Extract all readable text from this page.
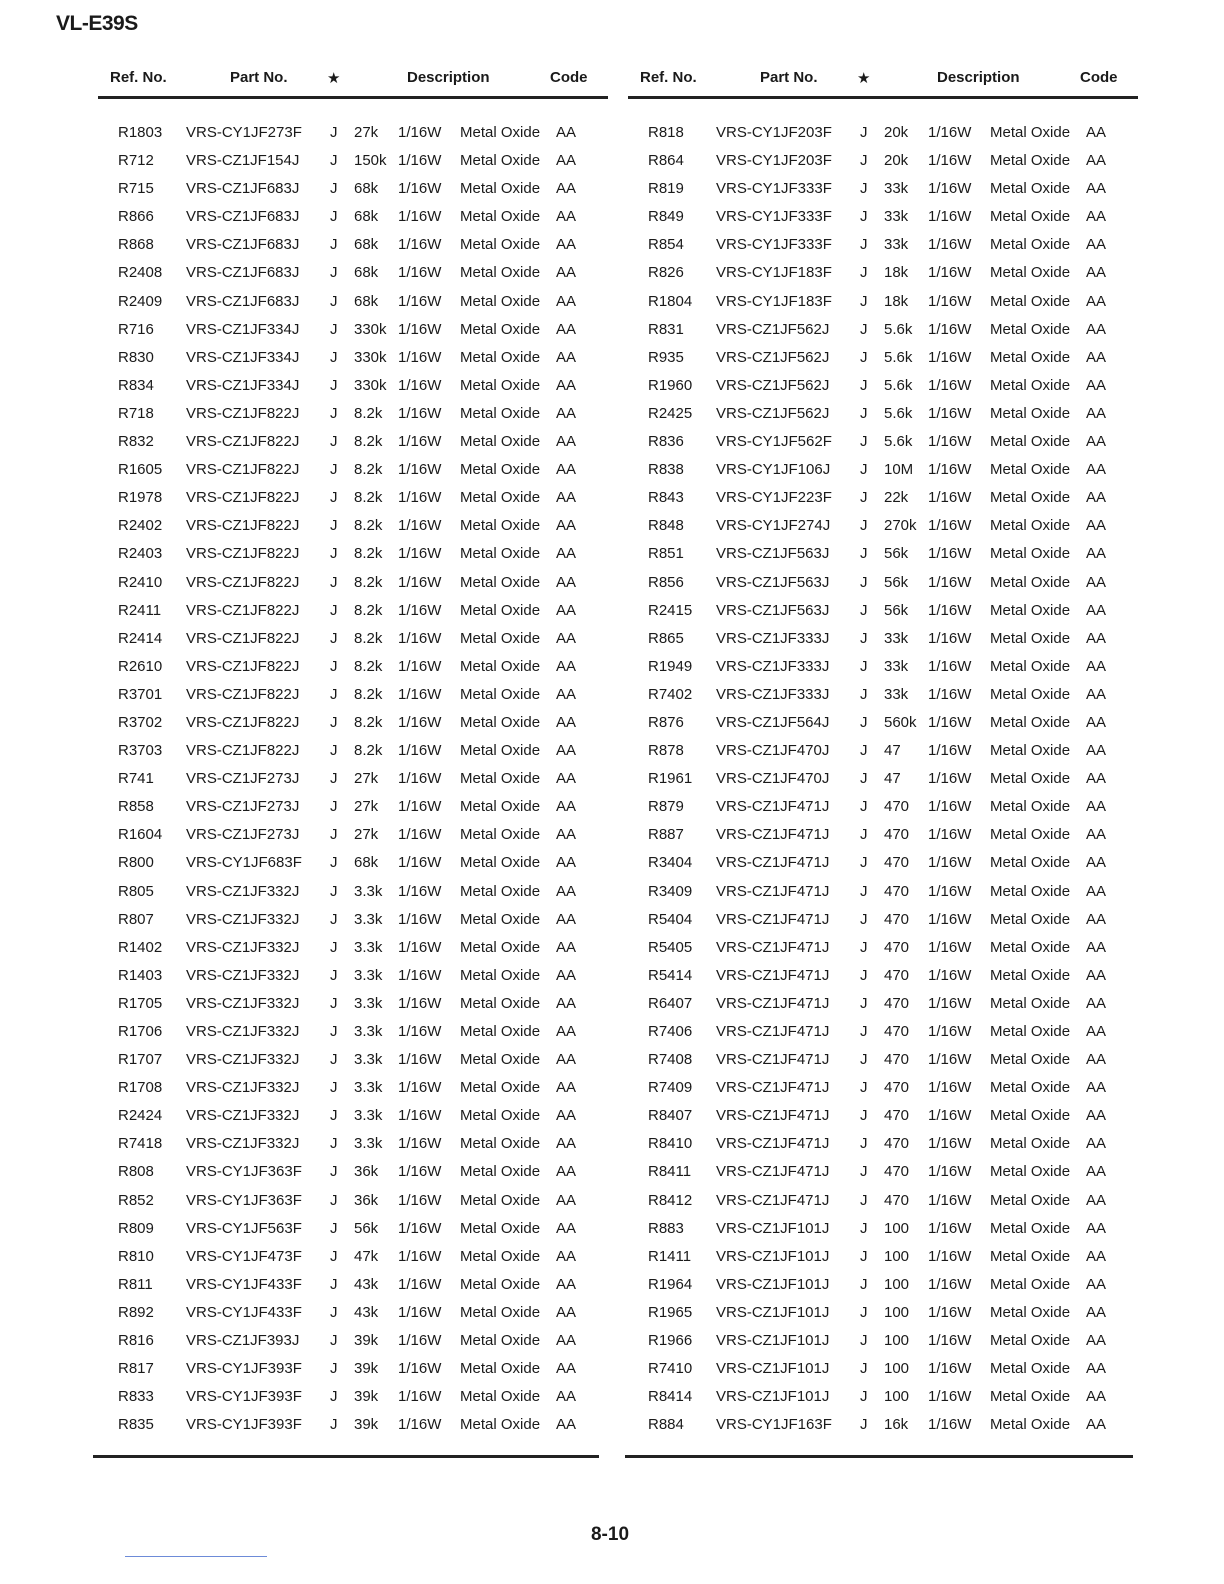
VL-E39S
Ref. No.	Part No.	★	Description	Code
R1803 VRS-CY1JF273F J 27k 1/16W Metal Oxide AA
R712 VRS-CZ1JF154J J 150k 1/16W Metal Oxide AA
R715 VRS-CZ1JF683J J 68k 1/16W Metal Oxide AA
R866 VRS-CZ1JF683J J 68k 1/16W Metal Oxide AA
R868 VRS-CZ1JF683J J 68k 1/16W Metal Oxide AA
R2408 VRS-CZ1JF683J J 68k 1/16W Metal Oxide AA
R2409 VRS-CZ1JF683J J 68k 1/16W Metal Oxide AA
R716 VRS-CZ1JF334J J 330k 1/16W Metal Oxide AA
R830 VRS-CZ1JF334J J 330k 1/16W Metal Oxide AA
R834 VRS-CZ1JF334J J 330k 1/16W Metal Oxide AA
R718 VRS-CZ1JF822J J 8.2k 1/16W Metal Oxide AA
R832 VRS-CZ1JF822J J 8.2k 1/16W Metal Oxide AA
R1605 VRS-CZ1JF822J J 8.2k 1/16W Metal Oxide AA
R1978 VRS-CZ1JF822J J 8.2k 1/16W Metal Oxide AA
R2402 VRS-CZ1JF822J J 8.2k 1/16W Metal Oxide AA
R2403 VRS-CZ1JF822J J 8.2k 1/16W Metal Oxide AA
R2410 VRS-CZ1JF822J J 8.2k 1/16W Metal Oxide AA
R2411 VRS-CZ1JF822J J 8.2k 1/16W Metal Oxide AA
R2414 VRS-CZ1JF822J J 8.2k 1/16W Metal Oxide AA
R2610 VRS-CZ1JF822J J 8.2k 1/16W Metal Oxide AA
R3701 VRS-CZ1JF822J J 8.2k 1/16W Metal Oxide AA
R3702 VRS-CZ1JF822J J 8.2k 1/16W Metal Oxide AA
R3703 VRS-CZ1JF822J J 8.2k 1/16W Metal Oxide AA
R741 VRS-CZ1JF273J J 27k 1/16W Metal Oxide AA
R858 VRS-CZ1JF273J J 27k 1/16W Metal Oxide AA
R1604 VRS-CZ1JF273J J 27k 1/16W Metal Oxide AA
R800 VRS-CY1JF683F J 68k 1/16W Metal Oxide AA
R805 VRS-CZ1JF332J J 3.3k 1/16W Metal Oxide AA
R807 VRS-CZ1JF332J J 3.3k 1/16W Metal Oxide AA
R1402 VRS-CZ1JF332J J 3.3k 1/16W Metal Oxide AA
R1403 VRS-CZ1JF332J J 3.3k 1/16W Metal Oxide AA
R1705 VRS-CZ1JF332J J 3.3k 1/16W Metal Oxide AA
R1706 VRS-CZ1JF332J J 3.3k 1/16W Metal Oxide AA
R1707 VRS-CZ1JF332J J 3.3k 1/16W Metal Oxide AA
R1708 VRS-CZ1JF332J J 3.3k 1/16W Metal Oxide AA
R2424 VRS-CZ1JF332J J 3.3k 1/16W Metal Oxide AA
R7418 VRS-CZ1JF332J J 3.3k 1/16W Metal Oxide AA
R808 VRS-CY1JF363F J 36k 1/16W Metal Oxide AA
R852 VRS-CY1JF363F J 36k 1/16W Metal Oxide AA
R809 VRS-CY1JF563F J 56k 1/16W Metal Oxide AA
R810 VRS-CY1JF473F J 47k 1/16W Metal Oxide AA
R811 VRS-CY1JF433F J 43k 1/16W Metal Oxide AA
R892 VRS-CY1JF433F J 43k 1/16W Metal Oxide AA
R816 VRS-CZ1JF393J J 39k 1/16W Metal Oxide AA
R817 VRS-CY1JF393F J 39k 1/16W Metal Oxide AA
R833 VRS-CY1JF393F J 39k 1/16W Metal Oxide AA
R835 VRS-CY1JF393F J 39k 1/16W Metal Oxide AA
Ref. No.	Part No.	★	Description	Code
R818 VRS-CY1JF203F J 20k 1/16W Metal Oxide AA
R864 VRS-CY1JF203F J 20k 1/16W Metal Oxide AA
R819 VRS-CY1JF333F J 33k 1/16W Metal Oxide AA
R849 VRS-CY1JF333F J 33k 1/16W Metal Oxide AA
R854 VRS-CY1JF333F J 33k 1/16W Metal Oxide AA
R826 VRS-CY1JF183F J 18k 1/16W Metal Oxide AA
R1804 VRS-CY1JF183F J 18k 1/16W Metal Oxide AA
R831 VRS-CZ1JF562J J 5.6k 1/16W Metal Oxide AA
R935 VRS-CZ1JF562J J 5.6k 1/16W Metal Oxide AA
R1960 VRS-CZ1JF562J J 5.6k 1/16W Metal Oxide AA
R2425 VRS-CZ1JF562J J 5.6k 1/16W Metal Oxide AA
R836 VRS-CY1JF562F J 5.6k 1/16W Metal Oxide AA
R838 VRS-CY1JF106J J 10M 1/16W Metal Oxide AA
R843 VRS-CY1JF223F J 22k 1/16W Metal Oxide AA
R848 VRS-CY1JF274J J 270k 1/16W Metal Oxide AA
R851 VRS-CZ1JF563J J 56k 1/16W Metal Oxide AA
R856 VRS-CZ1JF563J J 56k 1/16W Metal Oxide AA
R2415 VRS-CZ1JF563J J 56k 1/16W Metal Oxide AA
R865 VRS-CZ1JF333J J 33k 1/16W Metal Oxide AA
R1949 VRS-CZ1JF333J J 33k 1/16W Metal Oxide AA
R7402 VRS-CZ1JF333J J 33k 1/16W Metal Oxide AA
R876 VRS-CZ1JF564J J 560k 1/16W Metal Oxide AA
R878 VRS-CZ1JF470J J 47 1/16W Metal Oxide AA
R1961 VRS-CZ1JF470J J 47 1/16W Metal Oxide AA
R879 VRS-CZ1JF471J J 470 1/16W Metal Oxide AA
R887 VRS-CZ1JF471J J 470 1/16W Metal Oxide AA
R3404 VRS-CZ1JF471J J 470 1/16W Metal Oxide AA
R3409 VRS-CZ1JF471J J 470 1/16W Metal Oxide AA
R5404 VRS-CZ1JF471J J 470 1/16W Metal Oxide AA
R5405 VRS-CZ1JF471J J 470 1/16W Metal Oxide AA
R5414 VRS-CZ1JF471J J 470 1/16W Metal Oxide AA
R6407 VRS-CZ1JF471J J 470 1/16W Metal Oxide AA
R7406 VRS-CZ1JF471J J 470 1/16W Metal Oxide AA
R7408 VRS-CZ1JF471J J 470 1/16W Metal Oxide AA
R7409 VRS-CZ1JF471J J 470 1/16W Metal Oxide AA
R8407 VRS-CZ1JF471J J 470 1/16W Metal Oxide AA
R8410 VRS-CZ1JF471J J 470 1/16W Metal Oxide AA
R8411 VRS-CZ1JF471J J 470 1/16W Metal Oxide AA
R8412 VRS-CZ1JF471J J 470 1/16W Metal Oxide AA
R883 VRS-CZ1JF101J J 100 1/16W Metal Oxide AA
R1411 VRS-CZ1JF101J J 100 1/16W Metal Oxide AA
R1964 VRS-CZ1JF101J J 100 1/16W Metal Oxide AA
R1965 VRS-CZ1JF101J J 100 1/16W Metal Oxide AA
R1966 VRS-CZ1JF101J J 100 1/16W Metal Oxide AA
R7410 VRS-CZ1JF101J J 100 1/16W Metal Oxide AA
R8414 VRS-CZ1JF101J J 100 1/16W Metal Oxide AA
R884 VRS-CY1JF163F J 16k 1/16W Metal Oxide AA
8-10
